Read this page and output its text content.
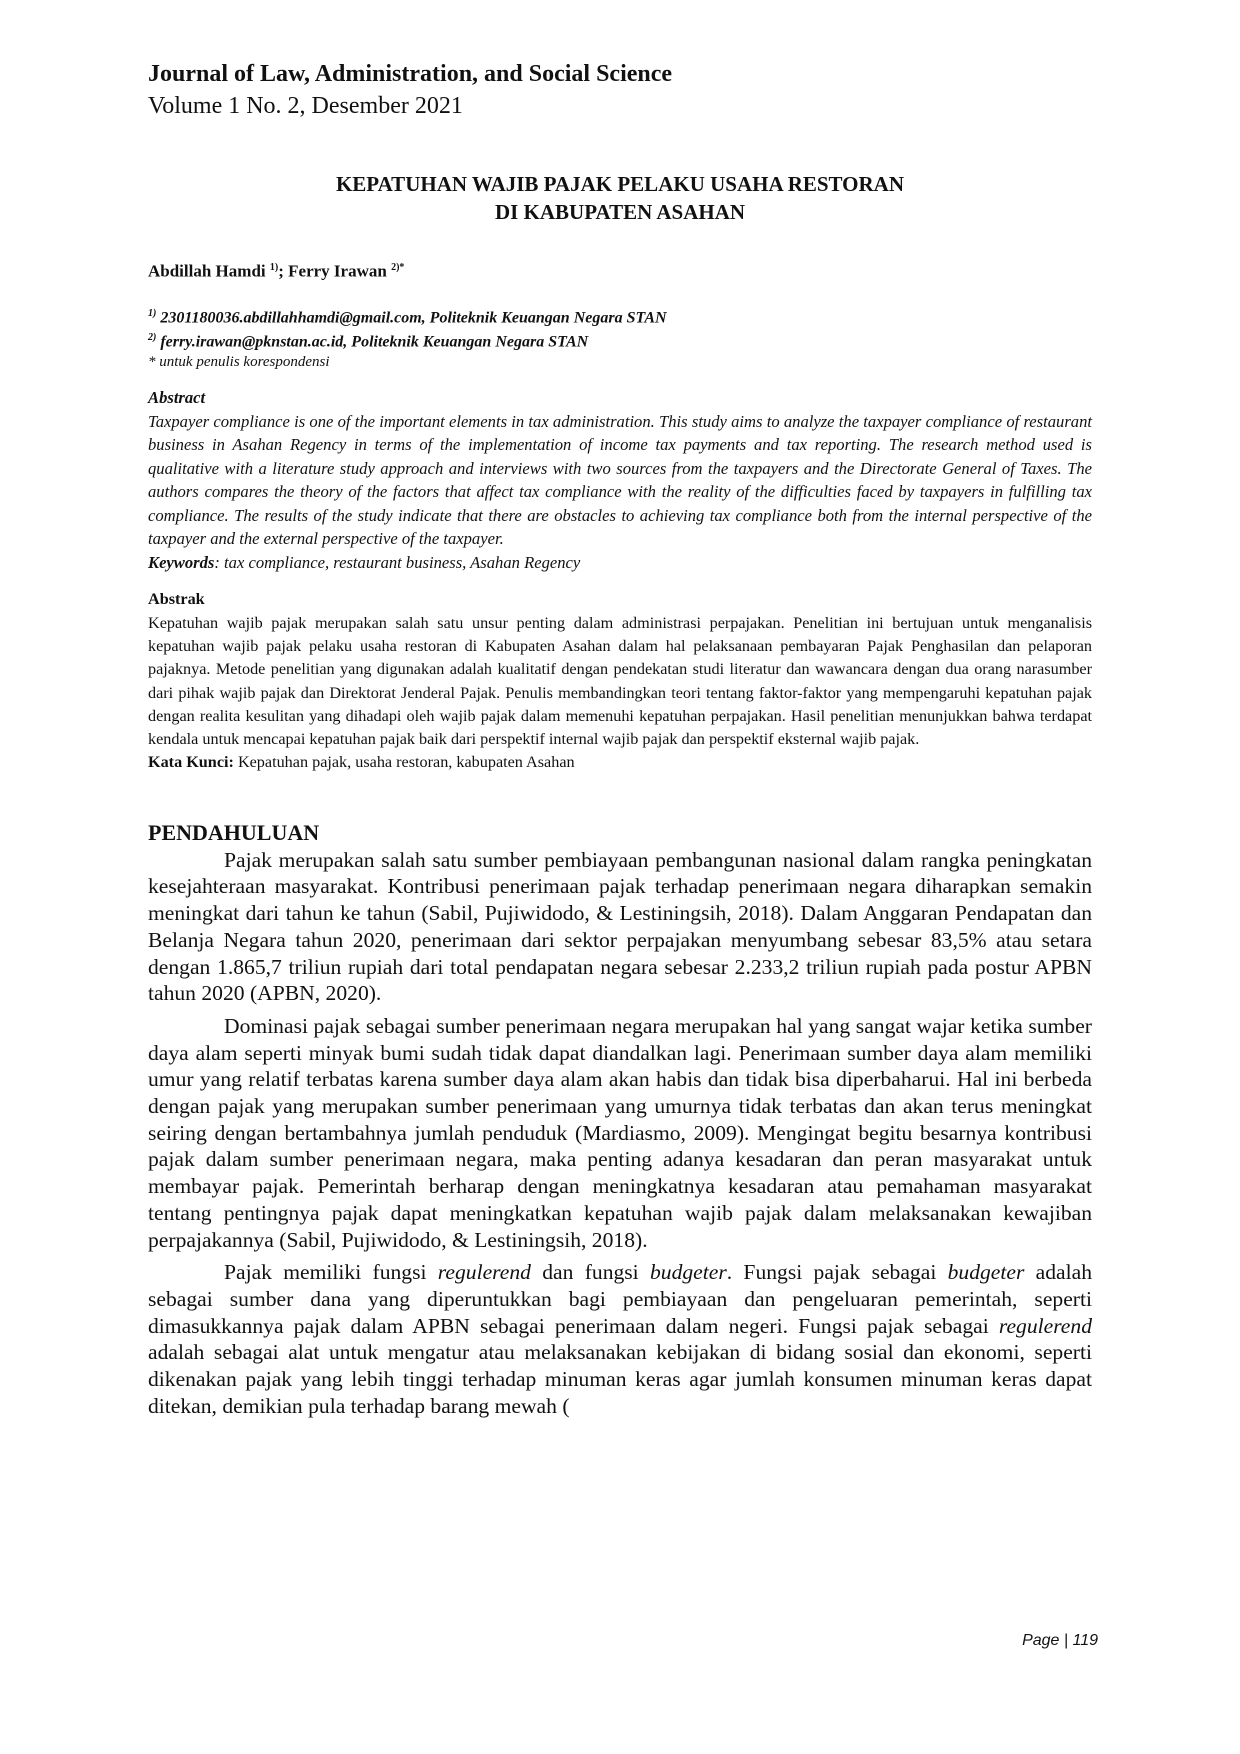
Journal of Law, Administration, and Social Science

Volume 1 No. 2, Desember 2021

KEPATUHAN WAJIB PAJAK PELAKU USAHA RESTORAN
DI KABUPATEN ASAHAN
Abdillah Hamdi $^{1)}$; Ferry Irawan $^{2)*}$
$^{1)}$ 2301180036.abdillahhamdi@gmail.com, Politeknik Keuangan Negara STAN
$^{2)}$ ferry.irawan@pknstan.ac.id, Politeknik Keuangan Negara STAN
* untuk penulis korespondensi
Abstract
Taxpayer compliance is one of the important elements in tax administration. This study aims to analyze the taxpayer compliance of restaurant business in Asahan Regency in terms of the implementation of income tax payments and tax reporting. The research method used is qualitative with a literature study approach and interviews with two sources from the taxpayers and the Directorate General of Taxes. The authors compares the theory of the factors that affect tax compliance with the reality of the difficulties faced by taxpayers in fulfilling tax compliance. The results of the study indicate that there are obstacles to achieving tax compliance both from the internal perspective of the taxpayer and the external perspective of the taxpayer.
Keywords: tax compliance, restaurant business, Asahan Regency
Abstrak
Kepatuhan wajib pajak merupakan salah satu unsur penting dalam administrasi perpajakan. Penelitian ini bertujuan untuk menganalisis kepatuhan wajib pajak pelaku usaha restoran di Kabupaten Asahan dalam hal pelaksanaan pembayaran Pajak Penghasilan dan pelaporan pajaknya. Metode penelitian yang digunakan adalah kualitatif dengan pendekatan studi literatur dan wawancara dengan dua orang narasumber dari pihak wajib pajak dan Direktorat Jenderal Pajak. Penulis membandingkan teori tentang faktor-faktor yang mempengaruhi kepatuhan pajak dengan realita kesulitan yang dihadapi oleh wajib pajak dalam memenuhi kepatuhan perpajakan. Hasil penelitian menunjukkan bahwa terdapat kendala untuk mencapai kepatuhan pajak baik dari perspektif internal wajib pajak dan perspektif eksternal wajib pajak.
Kata Kunci: Kepatuhan pajak, usaha restoran, kabupaten Asahan
PENDAHULUAN

Pajak merupakan salah satu sumber pembiayaan pembangunan nasional dalam rangka peningkatan kesejahteraan masyarakat. Kontribusi penerimaan pajak terhadap penerimaan negara diharapkan semakin meningkat dari tahun ke tahun (Sabil, Pujiwidodo, & Lestiningsih, 2018). Dalam Anggaran Pendapatan dan Belanja Negara tahun 2020, penerimaan dari sektor perpajakan menyumbang sebesar 83,5% atau setara dengan 1.865,7 triliun rupiah dari total pendapatan negara sebesar 2.233,2 triliun rupiah pada postur APBN tahun 2020 (APBN, 2020).

Dominasi pajak sebagai sumber penerimaan negara merupakan hal yang sangat wajar ketika sumber daya alam seperti minyak bumi sudah tidak dapat diandalkan lagi. Penerimaan sumber daya alam memiliki umur yang relatif terbatas karena sumber daya alam akan habis dan tidak bisa diperbaharui. Hal ini berbeda dengan pajak yang merupakan sumber penerimaan yang umurnya tidak terbatas dan akan terus meningkat seiring dengan bertambahnya jumlah penduduk (Mardiasmo, 2009). Mengingat begitu besarnya kontribusi pajak dalam sumber penerimaan negara, maka penting adanya kesadaran dan peran masyarakat untuk membayar pajak. Pemerintah berharap dengan meningkatnya kesadaran atau pemahaman masyarakat tentang pentingnya pajak dapat meningkatkan kepatuhan wajib pajak dalam melaksanakan kewajiban perpajakannya (Sabil, Pujiwidodo, & Lestiningsih, 2018).

Pajak memiliki fungsi regulerend dan fungsi budgeter. Fungsi pajak sebagai budgeter adalah sebagai sumber dana yang diperuntukkan bagi pembiayaan dan pengeluaran pemerintah, seperti dimasukkannya pajak dalam APBN sebagai penerimaan dalam negeri. Fungsi pajak sebagai regulerend adalah sebagai alat untuk mengatur atau melaksanakan kebijakan di bidang sosial dan ekonomi, seperti dikenakan pajak yang lebih tinggi terhadap minuman keras agar jumlah konsumen minuman keras dapat ditekan, demikian pula terhadap barang mewah (

Page | 119
